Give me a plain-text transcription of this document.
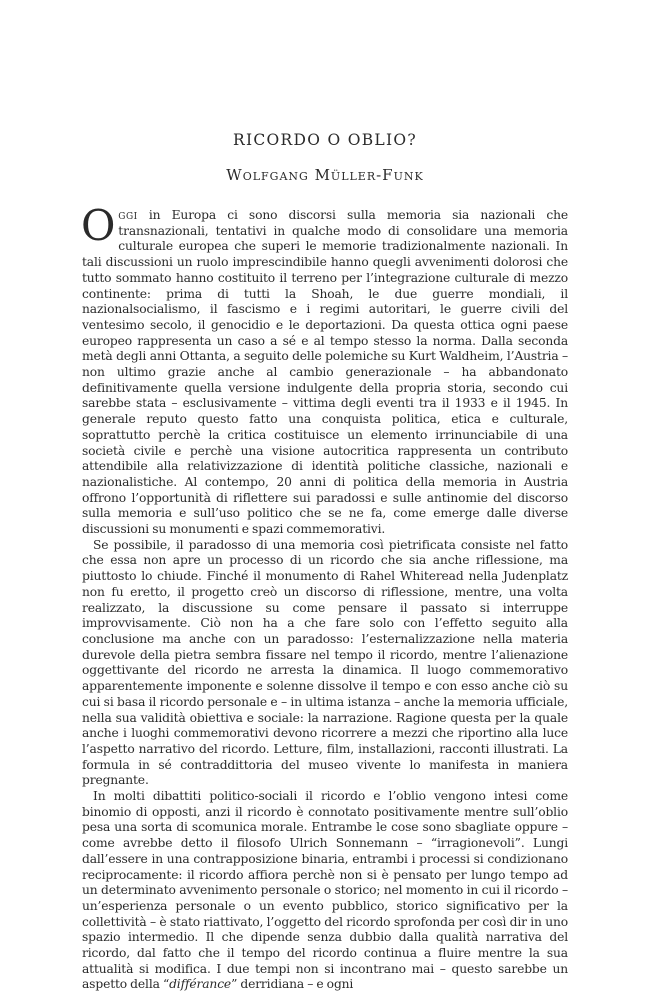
RICORDO O OBLIO?
Wolfgang Müller-Funk

Oggi in Europa ci sono discorsi sulla memoria sia nazionali che transnazionali, tentativi in qualche modo di consolidare una memoria culturale europea che superi le memorie tradizionalmente nazionali. In tali discussioni un ruolo imprescindibile hanno quegli avvenimenti dolorosi che tutto sommato hanno costituito il terreno per l’integrazione culturale di mezzo continente: prima di tutti la Shoah, le due guerre mondiali, il nazionalsocialismo, il fascismo e i regimi autoritari, le guerre civili del ventesimo secolo, il genocidio e le deportazioni. Da questa ottica ogni paese europeo rappresenta un caso a sé e al tempo stesso la norma. Dalla seconda metà degli anni Ottanta, a seguito delle polemiche su Kurt Waldheim, l’Austria – non ultimo grazie anche al cambio generazionale – ha abbandonato definitivamente quella versione indulgente della propria storia, secondo cui sarebbe stata – esclusivamente – vittima degli eventi tra il 1933 e il 1945. In generale reputo questo fatto una conquista politica, etica e culturale, soprattutto perchè la critica costituisce un elemento irrinunciabile di una società civile e perchè una visione autocritica rappresenta un contributo attendibile alla relativizzazione di identità politiche classiche, nazionali e nazionalistiche. Al contempo, 20 anni di politica della memoria in Austria offrono l’opportunità di riflettere sui paradossi e sulle antinomie del discorso sulla memoria e sull’uso politico che se ne fa, come emerge dalle diverse discussioni su monumenti e spazi commemorativi.

Se possibile, il paradosso di una memoria così pietrificata consiste nel fatto che essa non apre un processo di un ricordo che sia anche riflessione, ma piuttosto lo chiude. Finché il monumento di Rahel Whiteread nella Judenplatz non fu eretto, il progetto creò un discorso di riflessione, mentre, una volta realizzato, la discussione su come pensare il passato si interruppe improvvisamente. Ciò non ha a che fare solo con l’effetto seguito alla conclusione ma anche con un paradosso: l’esternalizzazione nella materia durevole della pietra sembra fissare nel tempo il ricordo, mentre l’alienazione oggettivante del ricordo ne arresta la dinamica. Il luogo commemorativo apparentemente imponente e solenne dissolve il tempo e con esso anche ciò su cui si basa il ricordo personale e – in ultima istanza – anche la memoria ufficiale, nella sua validità obiettiva e sociale: la narrazione. Ragione questa per la quale anche i luoghi commemorativi devono ricorrere a mezzi che riportino alla luce l’aspetto narrativo del ricordo. Letture, film, installazioni, racconti illustrati. La formula in sé contraddittoria del museo vivente lo manifesta in maniera pregnante.

In molti dibattiti politico-sociali il ricordo e l’oblio vengono intesi come binomio di opposti, anzi il ricordo è connotato positivamente mentre sull’oblio pesa una sorta di scomunica morale. Entrambe le cose sono sbagliate oppure – come avrebbe detto il filosofo Ulrich Sonnemann – “irragionevoli”. Lungi dall’essere in una contrapposizione binaria, entrambi i processi si condizionano reciprocamente: il ricordo affiora perchè non si è pensato per lungo tempo ad un determinato avvenimento personale o storico; nel momento in cui il ricordo – un’esperienza personale o un evento pubblico, storico significativo per la collettività – è stato riattivato, l’oggetto del ricordo sprofonda per così dir in uno spazio intermedio. Il che dipende senza dubbio dalla qualità narrativa del ricordo, dal fatto che il tempo del ricordo continua a fluire mentre la sua attualità si modifica. I due tempi non si incontrano mai – questo sarebbe un aspetto della “différance” derridiana – e ogni
